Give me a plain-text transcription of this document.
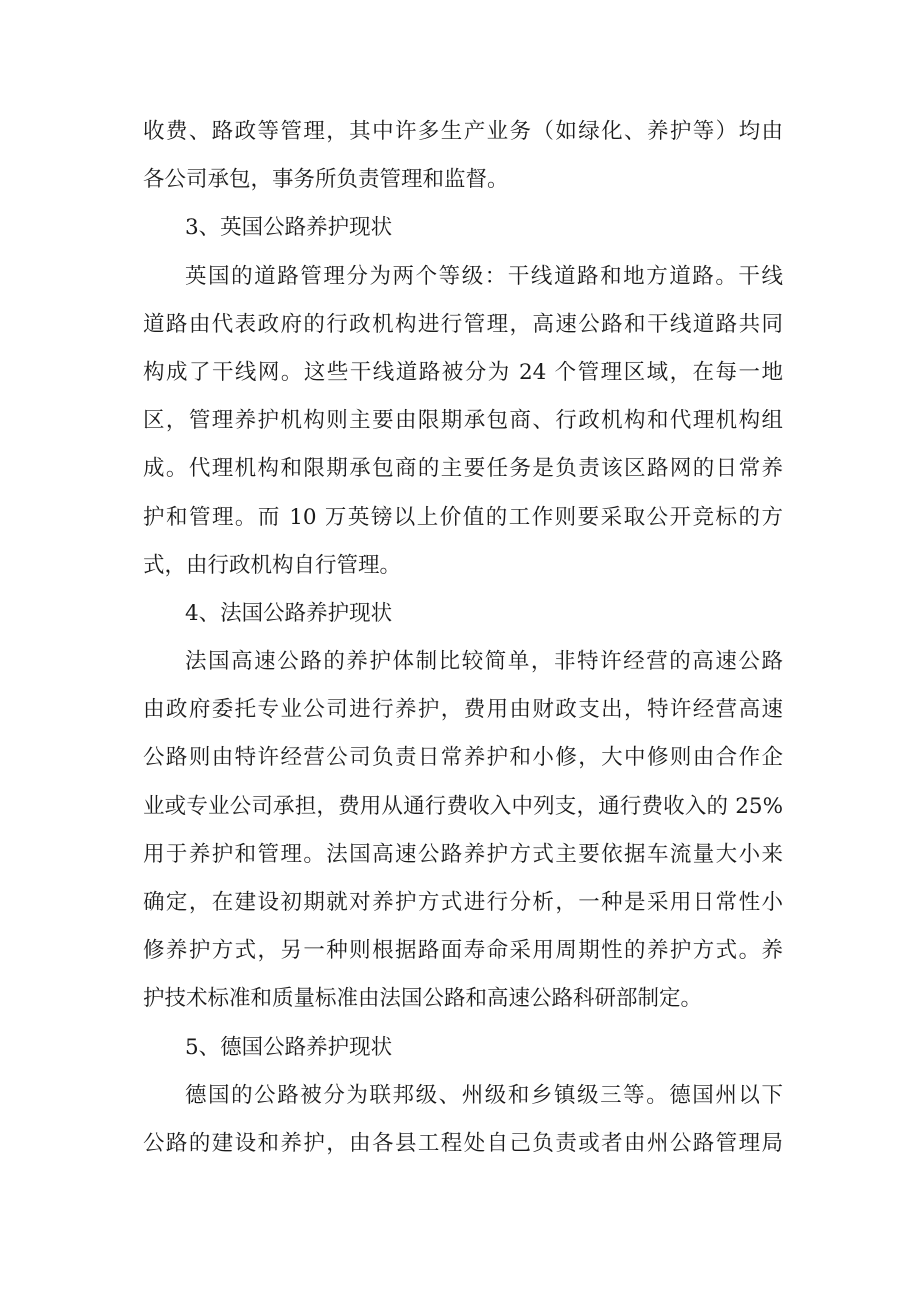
收费、路政等管理，其中许多生产业务（如绿化、养护等）均由
各公司承包，事务所负责管理和监督。
3、英国公路养护现状
英国的道路管理分为两个等级：干线道路和地方道路。干线
道路由代表政府的行政机构进行管理，高速公路和干线道路共同
构成了干线网。这些干线道路被分为 24 个管理区域，在每一地
区，管理养护机构则主要由限期承包商、行政机构和代理机构组
成。代理机构和限期承包商的主要任务是负责该区路网的日常养
护和管理。而 10 万英镑以上价值的工作则要采取公开竞标的方
式，由行政机构自行管理。
4、法国公路养护现状
法国高速公路的养护体制比较简单，非特许经营的高速公路
由政府委托专业公司进行养护，费用由财政支出，特许经营高速
公路则由特许经营公司负责日常养护和小修，大中修则由合作企
业或专业公司承担，费用从通行费收入中列支，通行费收入的 25%
用于养护和管理。法国高速公路养护方式主要依据车流量大小来
确定，在建设初期就对养护方式进行分析，一种是采用日常性小
修养护方式，另一种则根据路面寿命采用周期性的养护方式。养
护技术标准和质量标准由法国公路和高速公路科研部制定。
5、德国公路养护现状
德国的公路被分为联邦级、州级和乡镇级三等。德国州以下
公路的建设和养护，由各县工程处自己负责或者由州公路管理局
